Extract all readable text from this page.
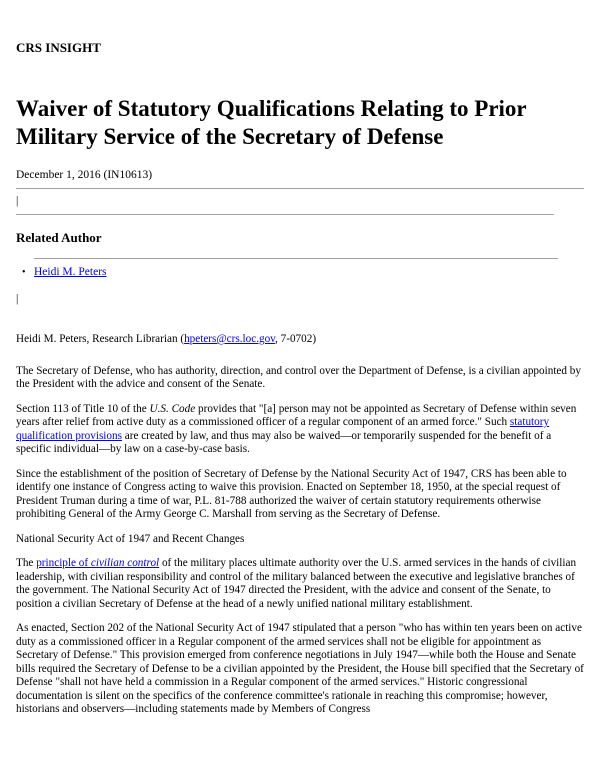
CRS INSIGHT
Waiver of Statutory Qualifications Relating to Prior Military Service of the Secretary of Defense
December 1, 2016 (IN10613)
|
Related Author
• Heidi M. Peters
|

Heidi M. Peters, Research Librarian (hpeters@crs.loc.gov, 7-0702)

The Secretary of Defense, who has authority, direction, and control over the Department of Defense, is a civilian appointed by the President with the advice and consent of the Senate.

Section 113 of Title 10 of the U.S. Code provides that "[a] person may not be appointed as Secretary of Defense within seven years after relief from active duty as a commissioned officer of a regular component of an armed force." Such statutory qualification provisions are created by law, and thus may also be waived—or temporarily suspended for the benefit of a specific individual—by law on a case-by-case basis.

Since the establishment of the position of Secretary of Defense by the National Security Act of 1947, CRS has been able to identify one instance of Congress acting to waive this provision. Enacted on September 18, 1950, at the special request of President Truman during a time of war, P.L. 81-788 authorized the waiver of certain statutory requirements otherwise prohibiting General of the Army George C. Marshall from serving as the Secretary of Defense.

National Security Act of 1947 and Recent Changes

The principle of civilian control of the military places ultimate authority over the U.S. armed services in the hands of civilian leadership, with civilian responsibility and control of the military balanced between the executive and legislative branches of the government. The National Security Act of 1947 directed the President, with the advice and consent of the Senate, to position a civilian Secretary of Defense at the head of a newly unified national military establishment.

As enacted, Section 202 of the National Security Act of 1947 stipulated that a person "who has within ten years been on active duty as a commissioned officer in a Regular component of the armed services shall not be eligible for appointment as Secretary of Defense." This provision emerged from conference negotiations in July 1947—while both the House and Senate bills required the Secretary of Defense to be a civilian appointed by the President, the House bill specified that the Secretary of Defense "shall not have held a commission in a Regular component of the armed services." Historic congressional documentation is silent on the specifics of the conference committee's rationale in reaching this compromise; however, historians and observers—including statements made by Members of Congress
